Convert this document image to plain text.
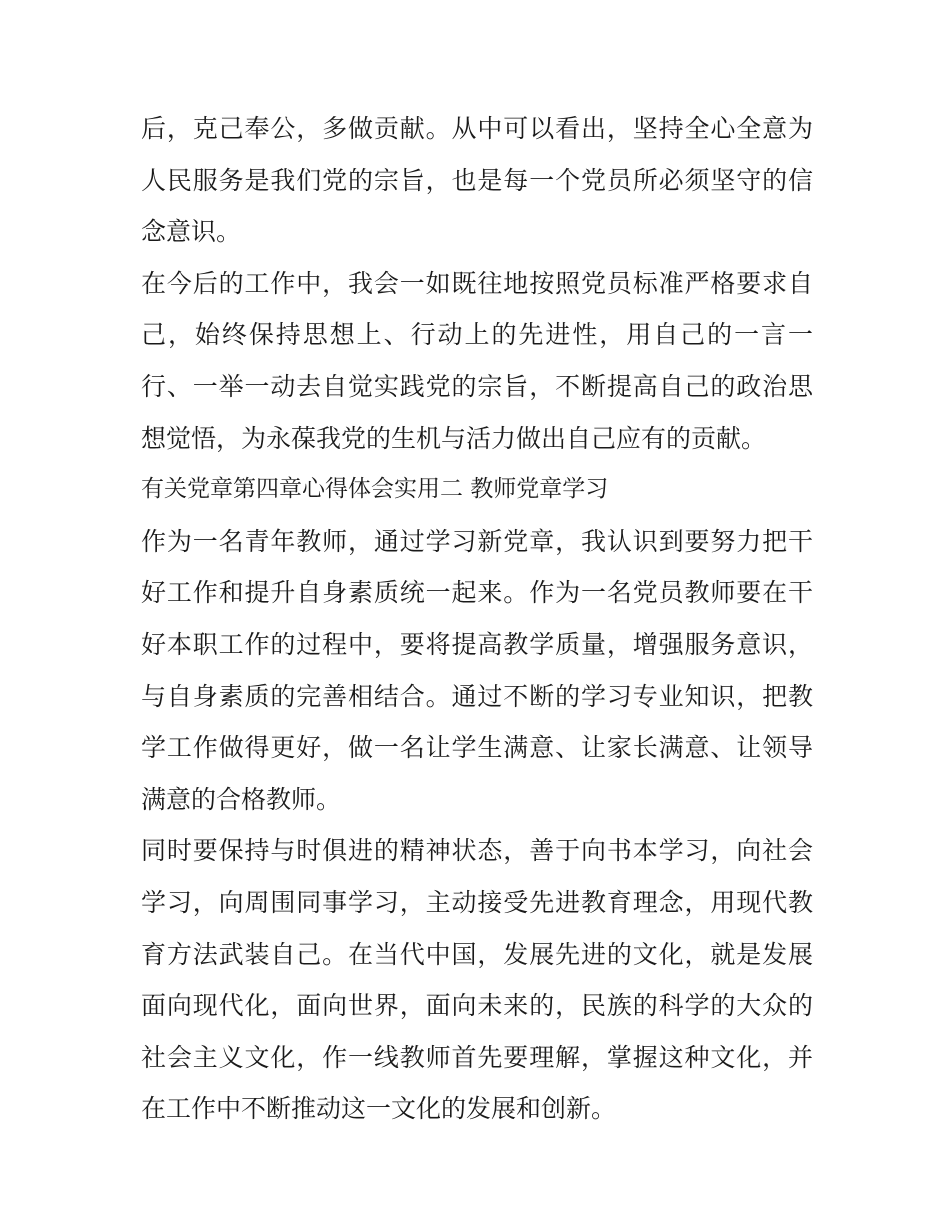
后，克己奉公，多做贡献。从中可以看出，坚持全心全意为人民服务是我们党的宗旨，也是每一个党员所必须坚守的信念意识。

在今后的工作中，我会一如既往地按照党员标准严格要求自己，始终保持思想上、行动上的先进性，用自己的一言一行、一举一动去自觉实践党的宗旨，不断提高自己的政治思想觉悟，为永葆我党的生机与活力做出自己应有的贡献。

有关党章第四章心得体会实用二 教师党章学习

作为一名青年教师，通过学习新党章，我认识到要努力把干好工作和提升自身素质统一起来。作为一名党员教师要在干好本职工作的过程中，要将提高教学质量，增强服务意识，与自身素质的完善相结合。通过不断的学习专业知识，把教学工作做得更好，做一名让学生满意、让家长满意、让领导满意的合格教师。

同时要保持与时俱进的精神状态，善于向书本学习，向社会学习，向周围同事学习，主动接受先进教育理念，用现代教育方法武装自己。在当代中国，发展先进的文化，就是发展面向现代化，面向世界，面向未来的，民族的科学的大众的社会主义文化，作一线教师首先要理解，掌握这种文化，并在工作中不断推动这一文化的发展和创新。
